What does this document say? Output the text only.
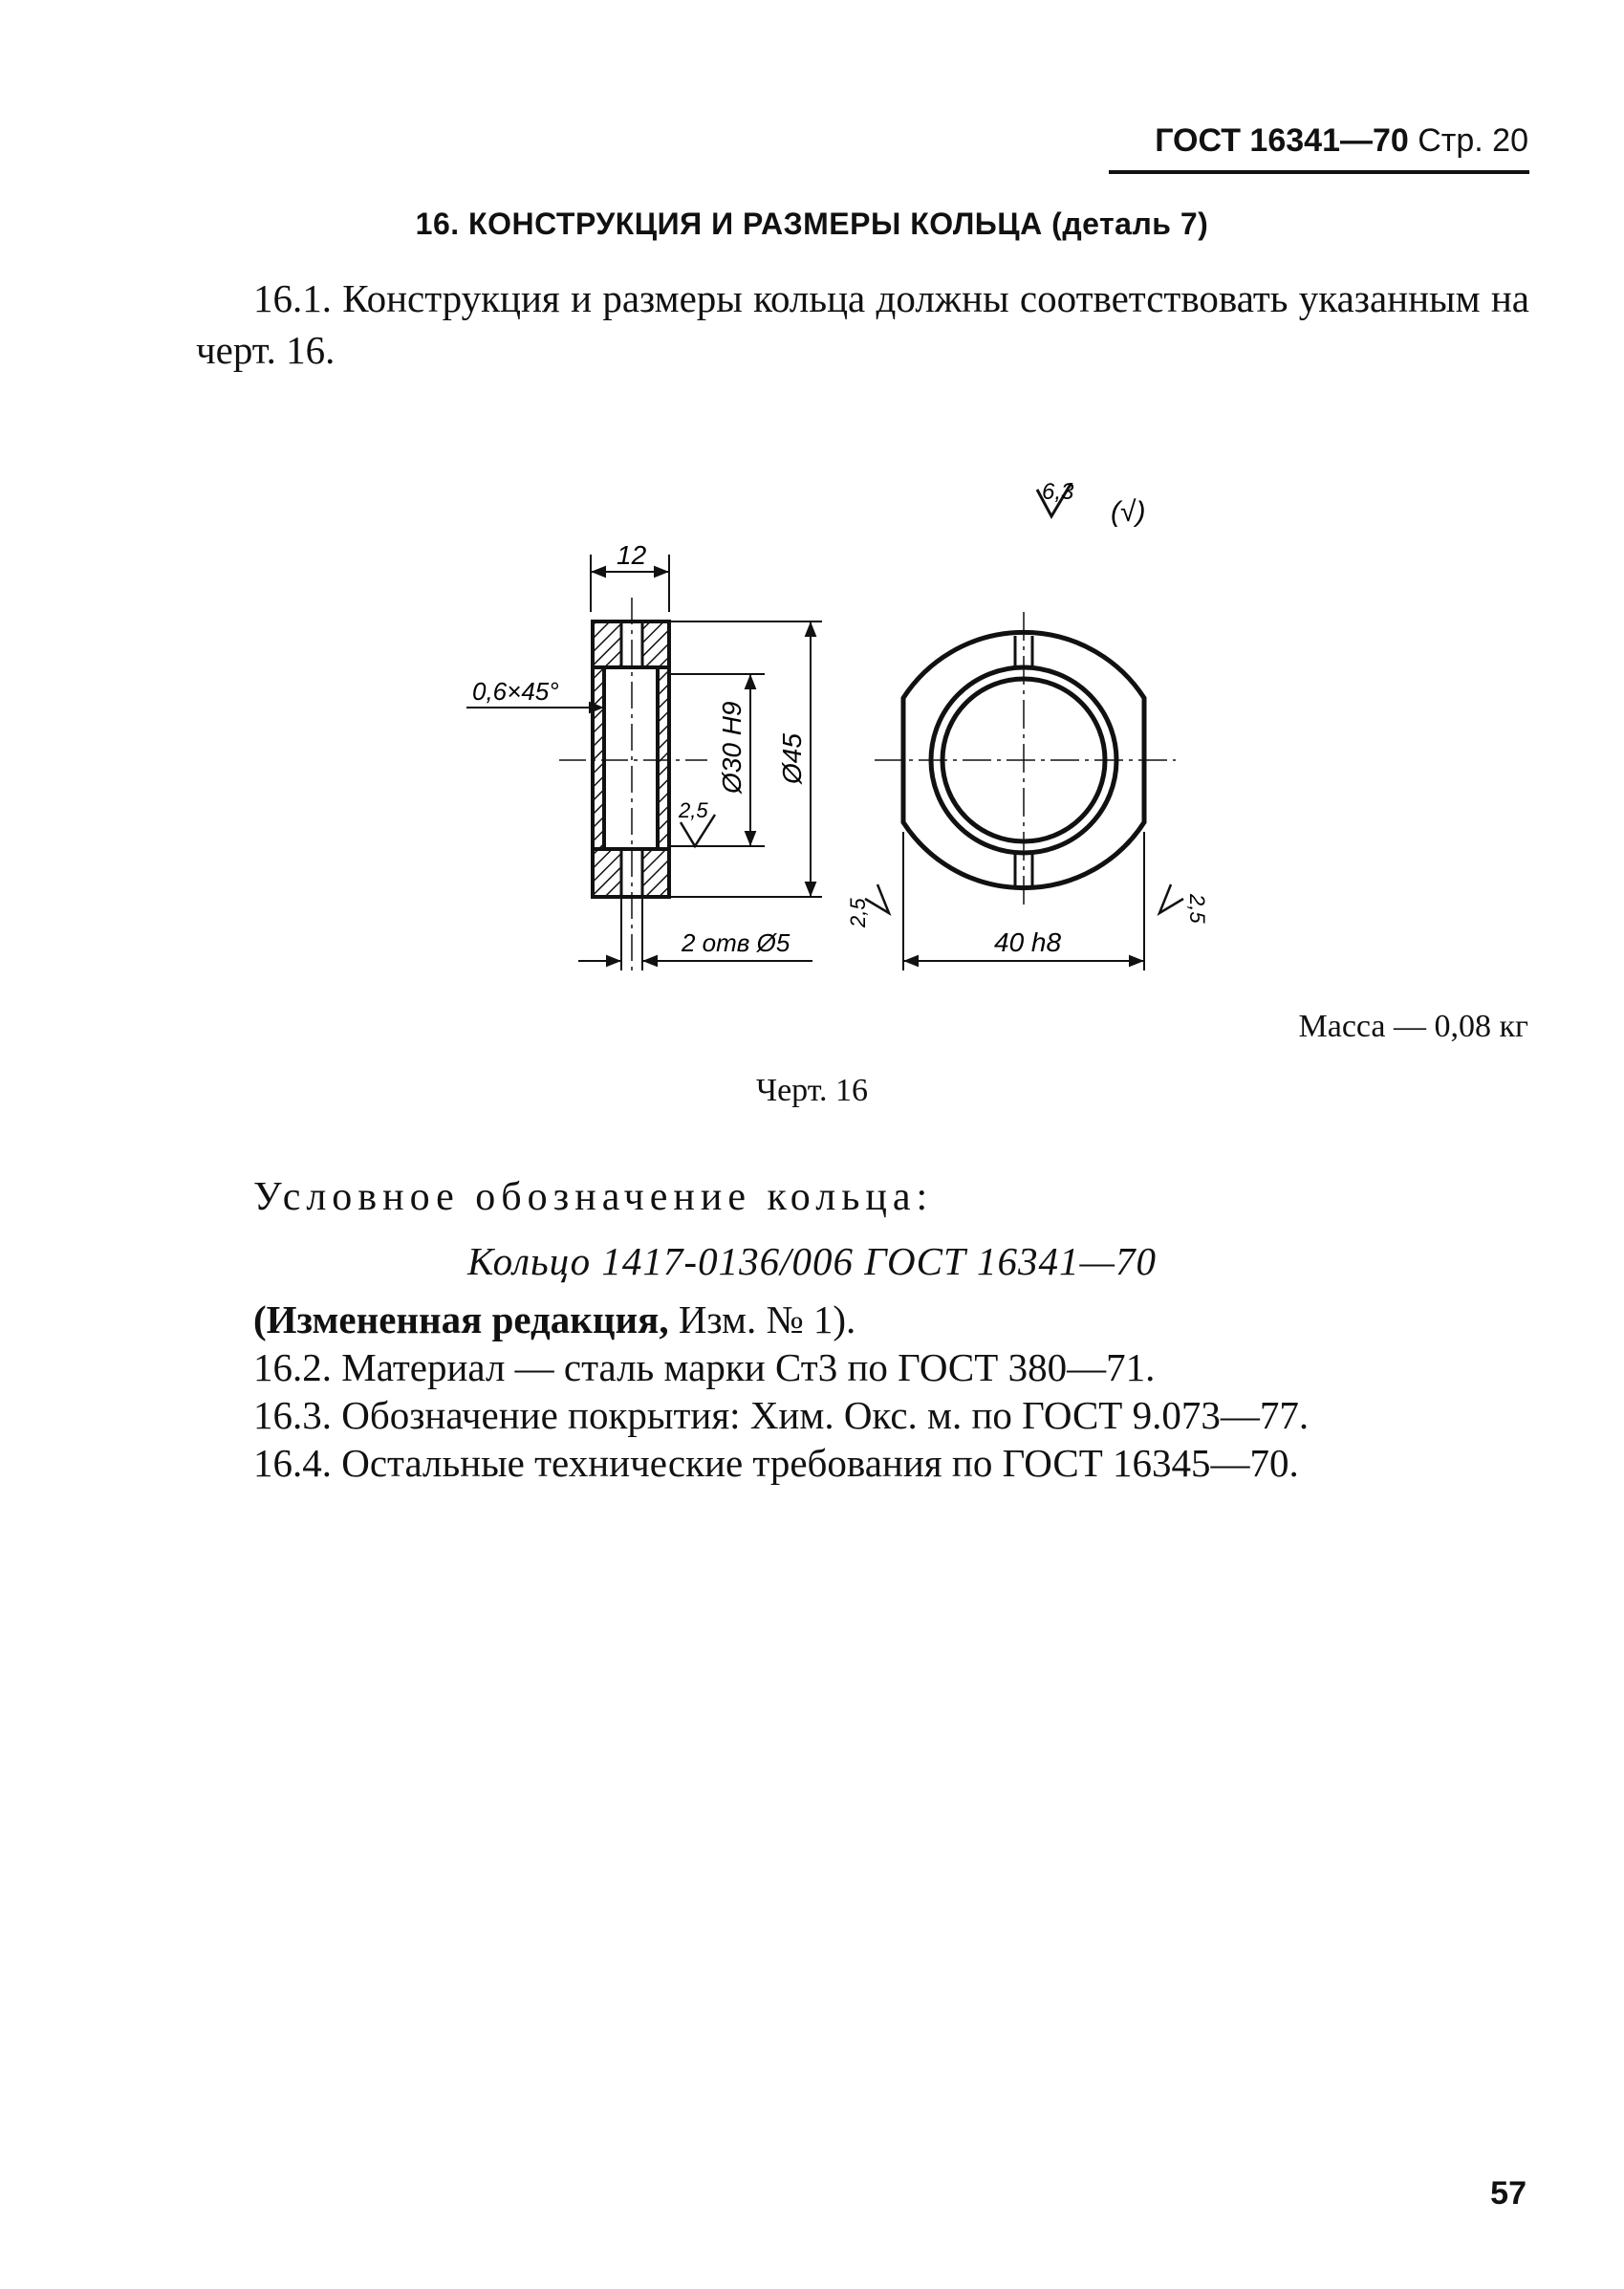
ГОСТ 16341—70 Стр. 20
16. КОНСТРУКЦИЯ И РАЗМЕРЫ КОЛЬЦА (деталь 7)
16.1. Конструкция и размеры кольца должны соответствовать указанным на черт. 16.
6,3
(√)
12
0,6×45°
Ø30 H9 Ø45
2,5
2 отв Ø5	40 h8
2,5	2,5
Масса — 0,08 кг
Черт. 16
Условное обозначение кольца:
Кольцо 1417-0136/006 ГОСТ 16341—70
(Измененная редакция, Изм. № 1).
16.2. Материал — сталь марки Ст3 по ГОСТ 380—71.
16.3. Обозначение покрытия: Хим. Окс. м. по ГОСТ 9.073—77.
16.4. Остальные технические требования по ГОСТ 16345—70.
57
